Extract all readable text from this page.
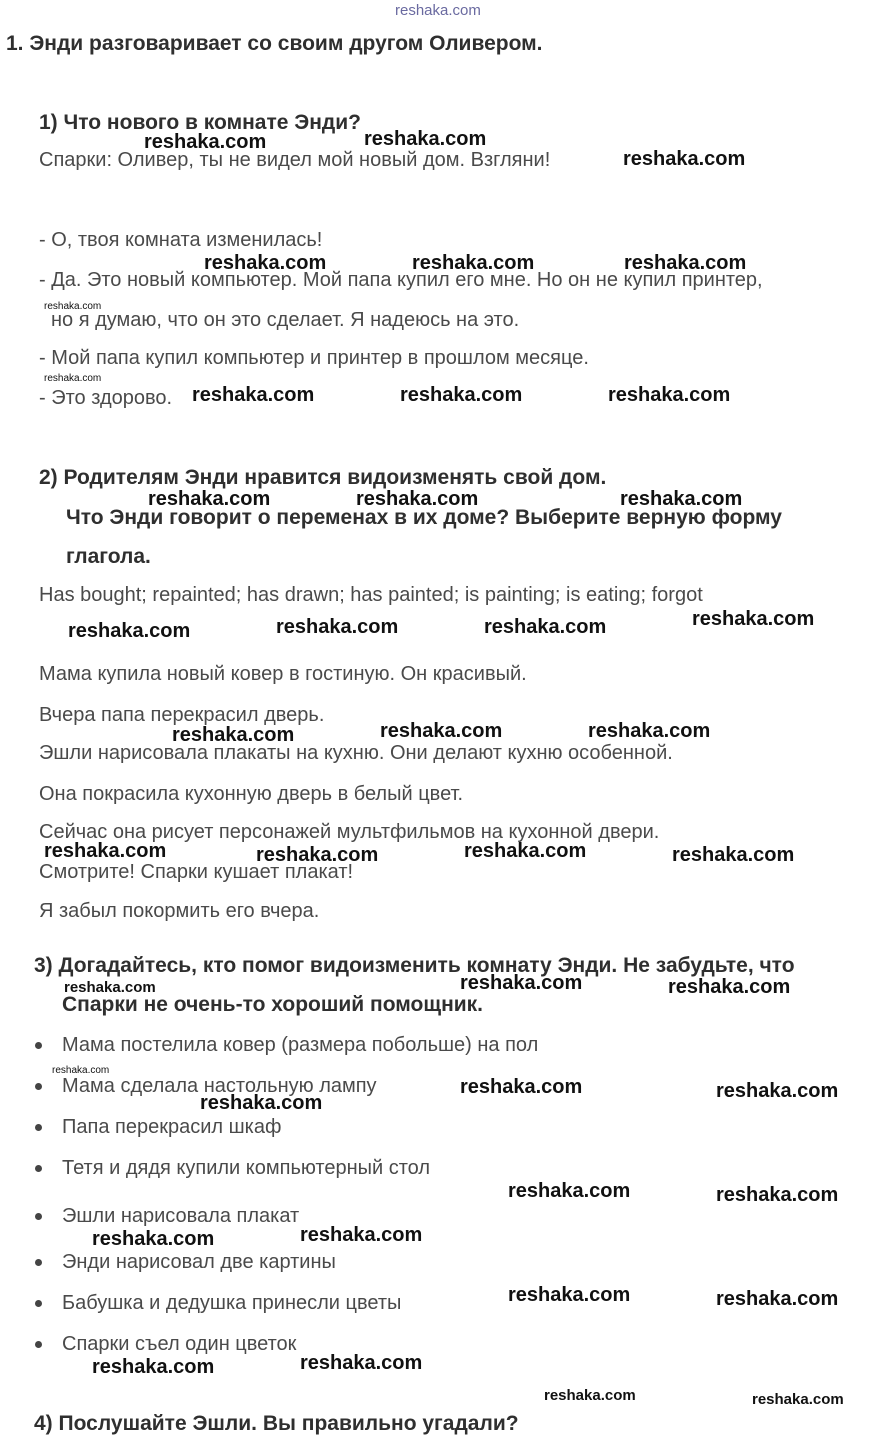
reshaka.com
1. Энди разговаривает со своим другом Оливером.
1) Что нового в комнате Энди?
Спарки: Оливер, ты не видел мой новый дом. Взгляни!
- О, твоя комната изменилась!
- Да. Это новый компьютер. Мой папа купил его мне. Но он не купил принтер,
но я думаю, что он это сделает. Я надеюсь на это.
- Мой папа купил компьютер и принтер в прошлом месяце.
- Это здорово.
2) Родителям Энди нравится видоизменять свой дом.
Что Энди говорит о переменах в их доме? Выберите верную форму
глагола.
Has bought; repainted; has drawn; has painted; is painting; is eating; forgot
Мама купила новый ковер в гостиную. Он красивый.
Вчера папа перекрасил дверь.
Эшли нарисовала плакаты на кухню. Они делают кухню особенной.
Она покрасила кухонную дверь в белый цвет.
Сейчас она рисует персонажей мультфильмов на кухонной двери.
Смотрите! Спарки кушает плакат!
Я забыл покормить его вчера.
3) Догадайтесь, кто помог видоизменить комнату Энди. Не забудьте, что
Спарки не очень-то хороший помощник.
Мама постелила ковер (размера побольше) на пол
Мама сделала настольную лампу
Папа перекрасил шкаф
Тетя и дядя купили компьютерный стол
Эшли нарисовала плакат
Энди нарисовал две картины
Бабушка и дедушка принесли цветы
Спарки съел один цветок
4) Послушайте Эшли. Вы правильно угадали?
reshaka.com	reshaka.com
reshaka.com
reshaka.com	reshaka.com	reshaka.com
reshaka.com	reshaka.com	reshaka.com
reshaka.com	reshaka.com	reshaka.com
reshaka.com	reshaka.com	reshaka.com	reshaka.com
reshaka.com	reshaka.com	reshaka.com
reshaka.com	reshaka.com	reshaka.com	reshaka.com
reshaka.com	reshaka.com
reshaka.com	reshaka.com
reshaka.com
reshaka.com	reshaka.com
reshaka.com	reshaka.com
reshaka.com	reshaka.com
reshaka.com	reshaka.com
reshaka.com
reshaka.com	reshaka.com
reshaka.com
reshaka.com
reshaka.com
